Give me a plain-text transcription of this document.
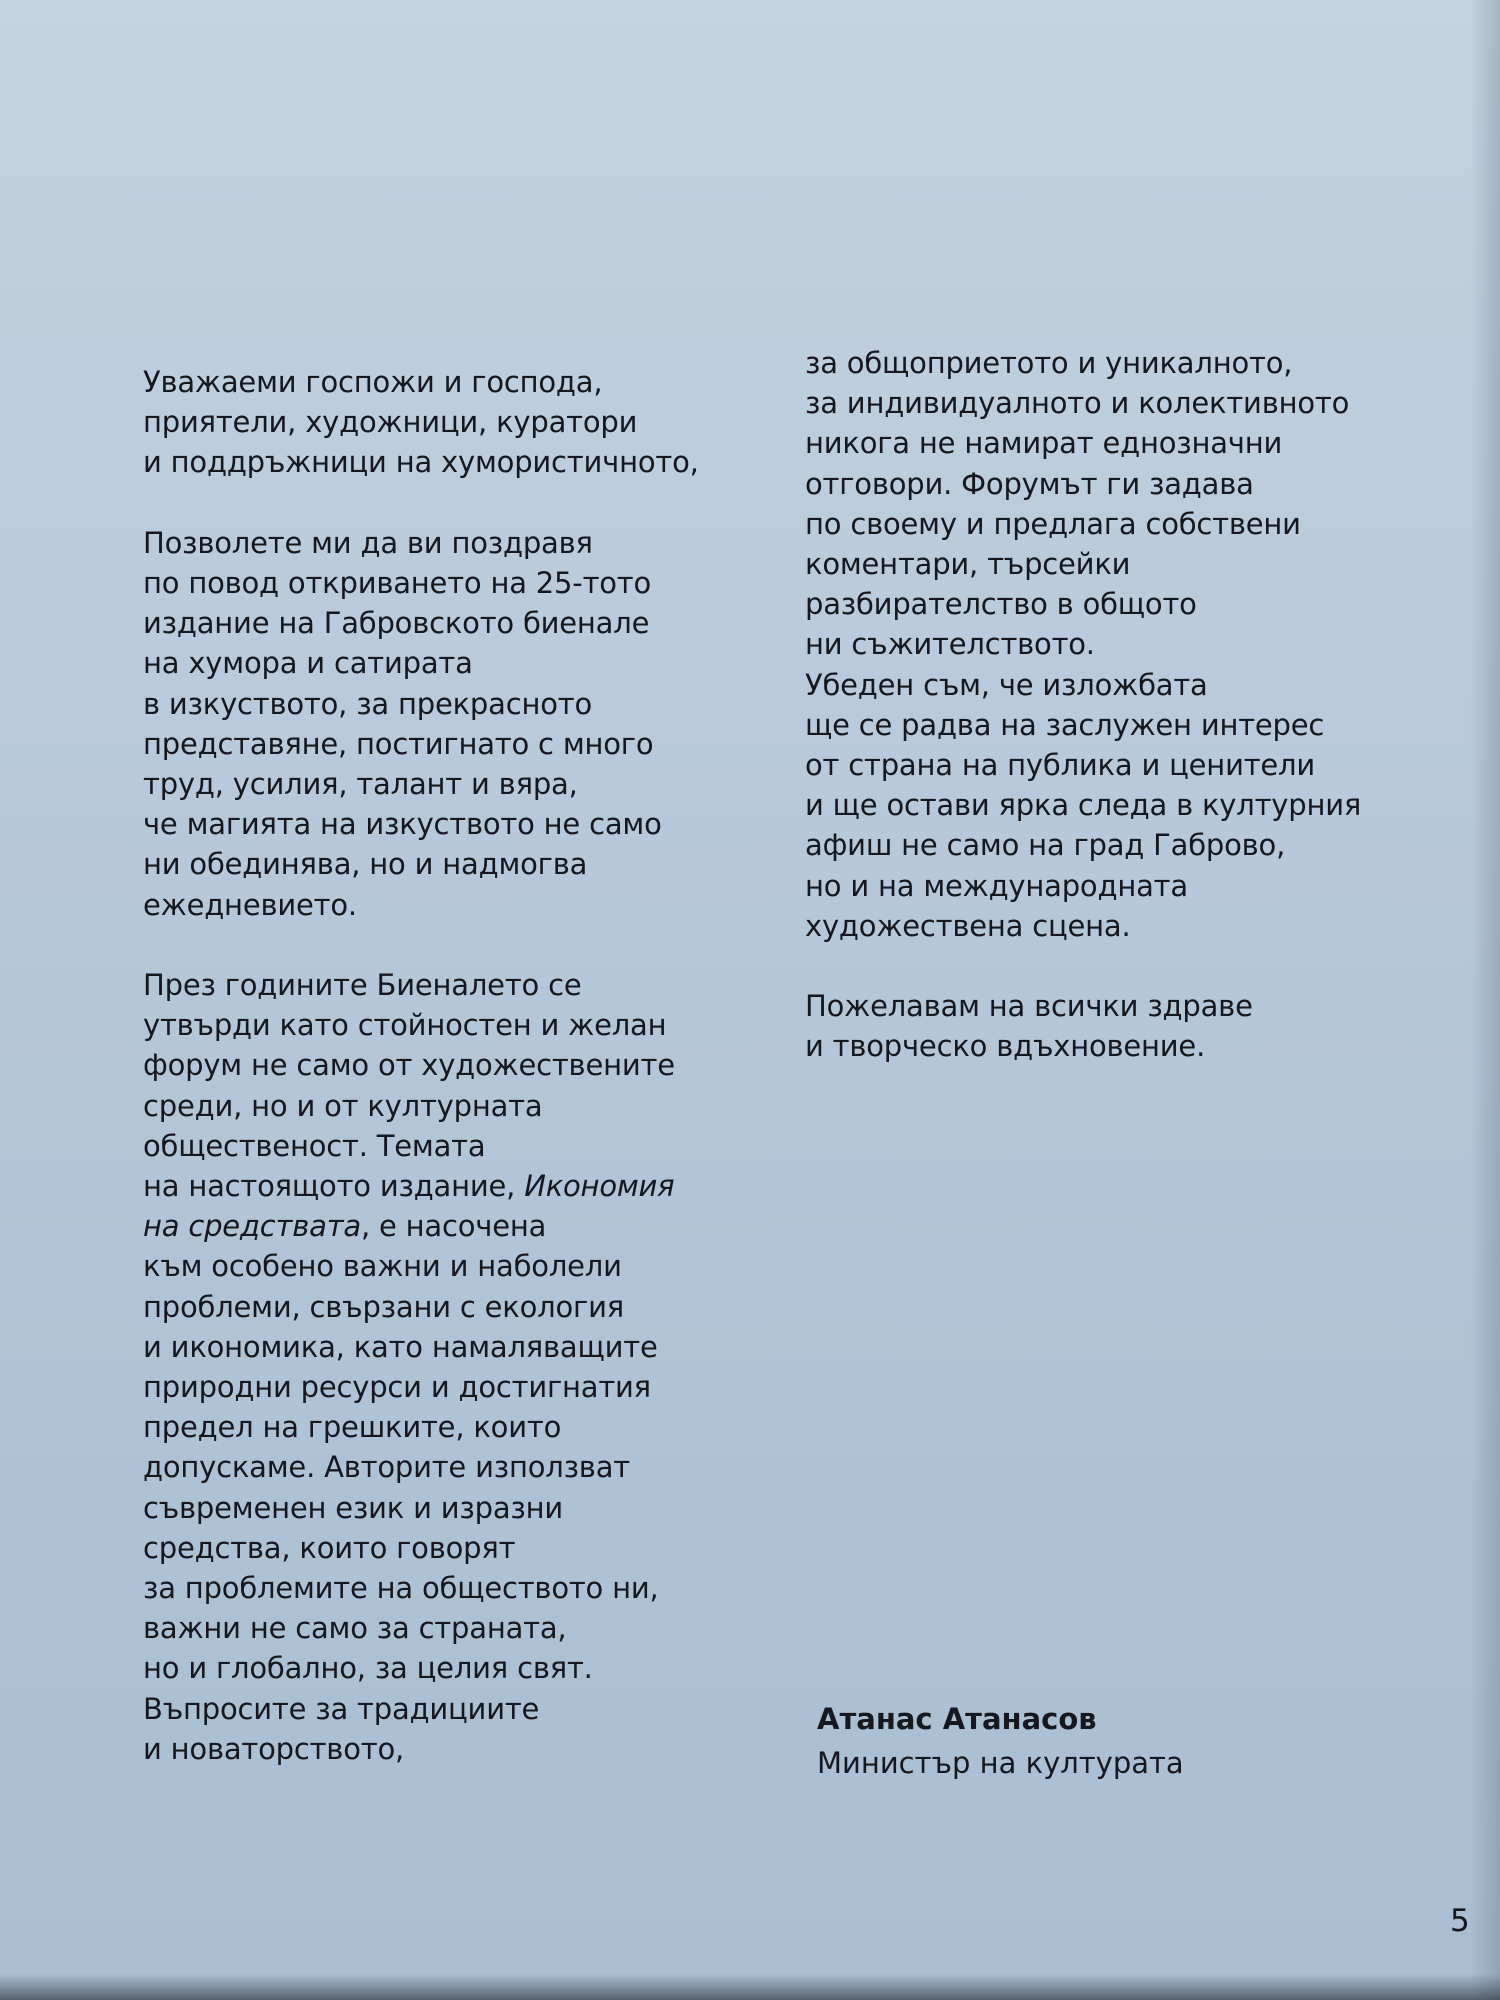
Уважаеми госпожи и господа,
приятели, художници, куратори
и поддръжници на хумористичното,

Позволете ми да ви поздравя
по повод откриването на 25-тото
издание на Габровското биенале
на хумора и сатирата
в изкуството, за прекрасното
представяне, постигнато с много
труд, усилия, талант и вяра,
че магията на изкуството не само
ни обединява, но и надмогва
ежедневието.

През годините Биеналето се
утвърди като стойностен и желан
форум не само от художествените
среди, но и от културната
общественост. Темата
на настоящото издание, Икономия
на средствата, е насочена
към особено важни и наболели
проблеми, свързани с екология
и икономика, като намаляващите
природни ресурси и достигнатия
предел на грешките, които
допускаме. Авторите използват
съвременен език и изразни
средства, които говорят
за проблемите на обществото ни,
важни не само за страната,
но и глобално, за целия свят.
Въпросите за традициите
и новаторството,

за общоприетото и уникалното,
за индивидуалното и колективното
никога не намират еднозначни
отговори. Форумът ги задава
по своему и предлага собствени
коментари, търсейки
разбирателство в общото
ни съжителството.
Убеден съм, че изложбата
ще се радва на заслужен интерес
от страна на публика и ценители
и ще остави ярка следа в културния
афиш не само на град Габрово,
но и на международната
художествена сцена.

Пожелавам на всички здраве
и творческо вдъхновение.

Атанас Атанасов
Министър на културата
5
